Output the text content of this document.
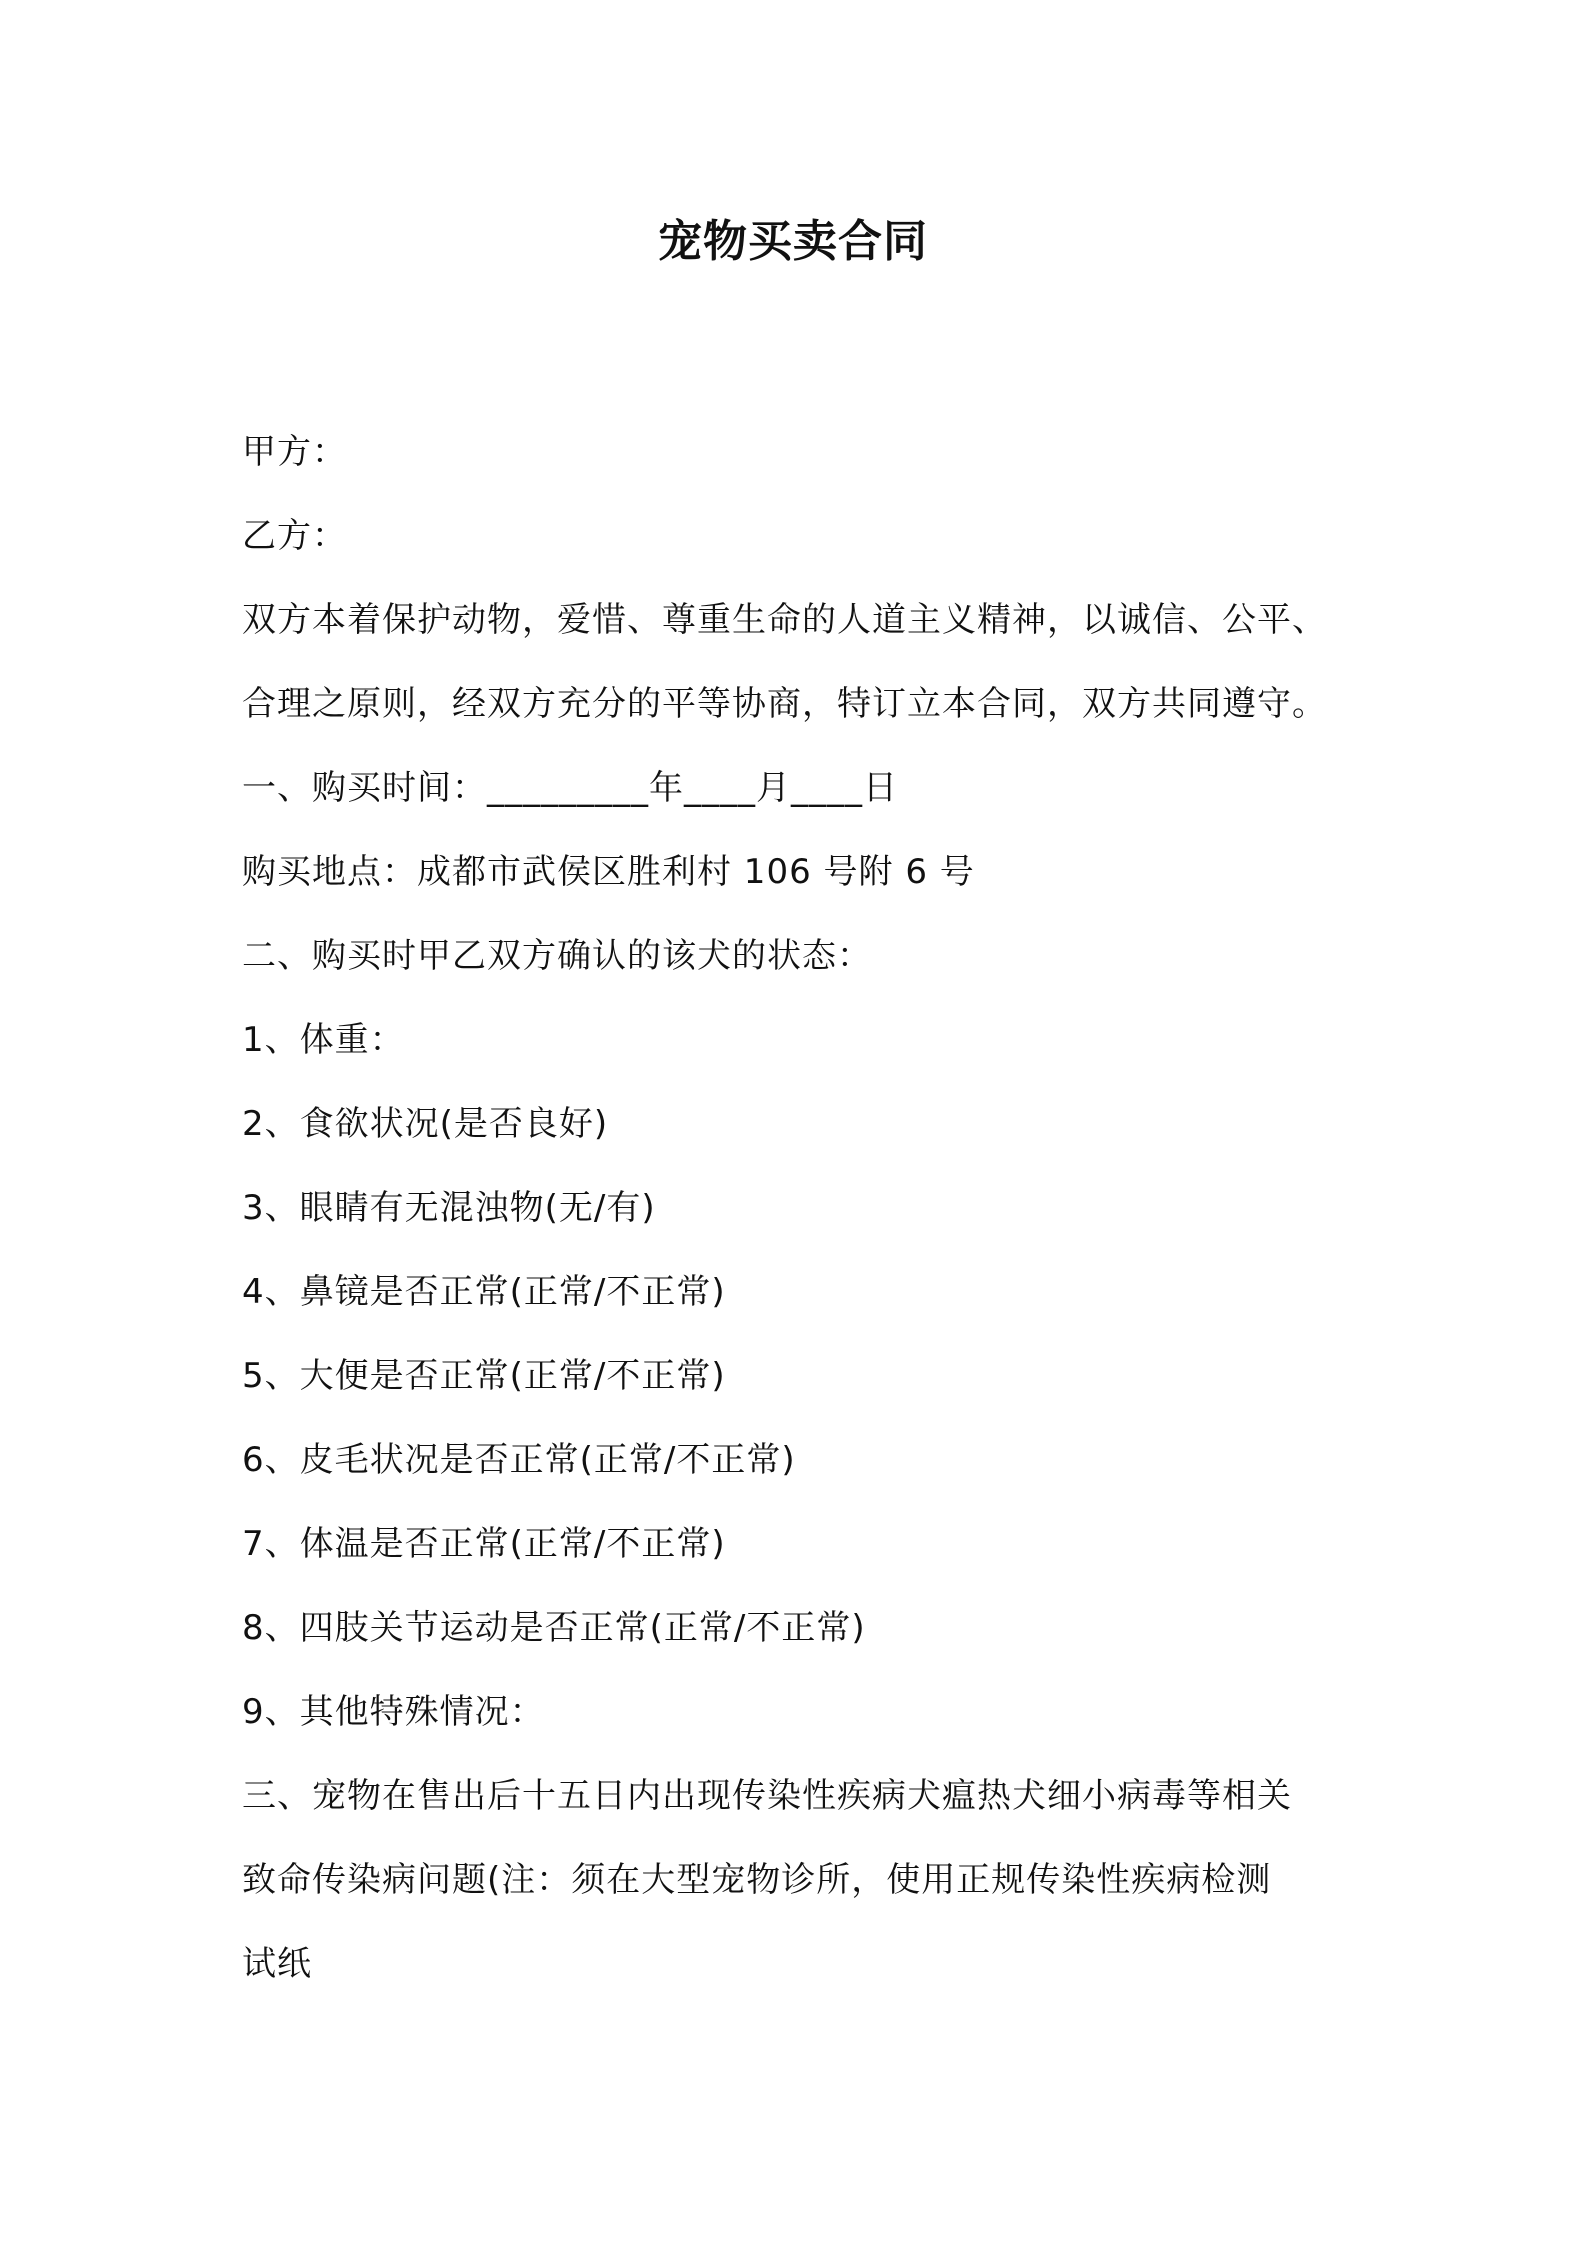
宠物买卖合同
甲方：
乙方：
双方本着保护动物，爱惜、尊重生命的人道主义精神，以诚信、公平、
合理之原则，经双方充分的平等协商，特订立本合同，双方共同遵守。
一、购买时间：_________年____月____日
购买地点：成都市武侯区胜利村 106 号附 6 号
二、购买时甲乙双方确认的该犬的状态：
1、体重：
2、食欲状况(是否良好)
3、眼睛有无混浊物(无/有)
4、鼻镜是否正常(正常/不正常)
5、大便是否正常(正常/不正常)
6、皮毛状况是否正常(正常/不正常)
7、体温是否正常(正常/不正常)
8、四肢关节运动是否正常(正常/不正常)
9、其他特殊情况：
三、宠物在售出后十五日内出现传染性疾病犬瘟热犬细小病毒等相关
致命传染病问题(注：须在大型宠物诊所，使用正规传染性疾病检测
试纸
